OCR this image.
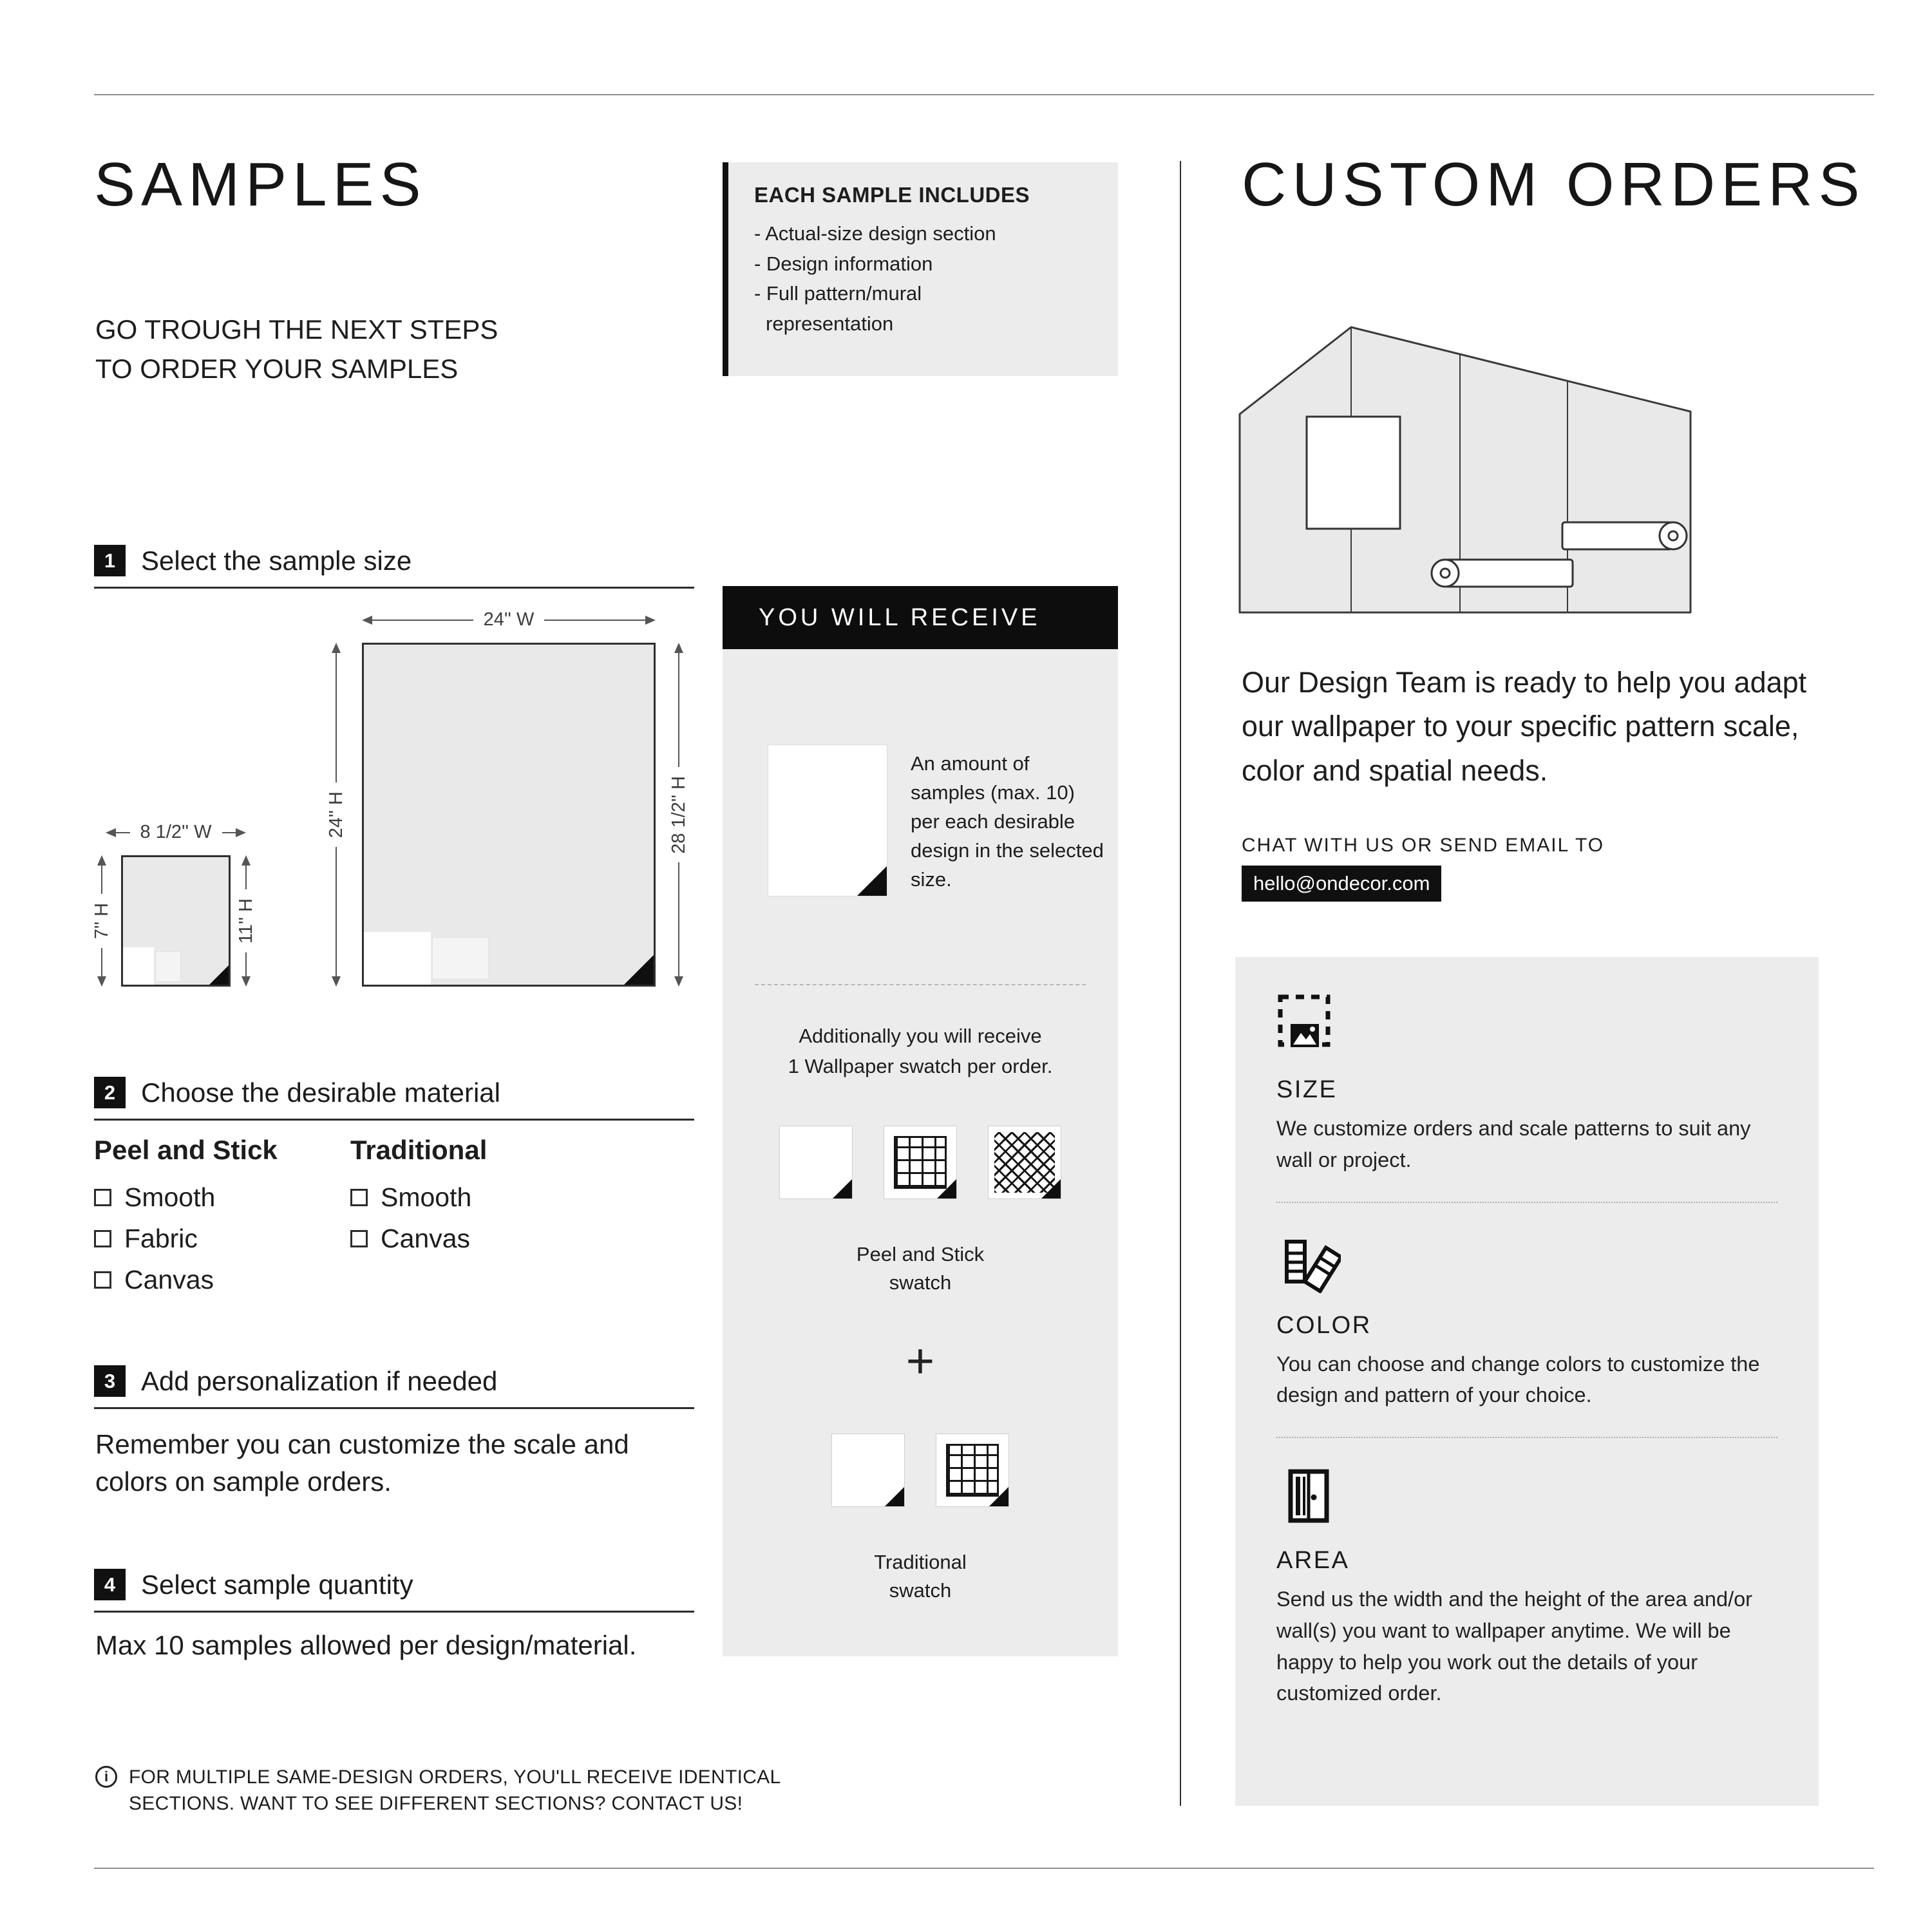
SAMPLES
GO TROUGH THE NEXT STEPS
TO ORDER YOUR SAMPLES
EACH SAMPLE INCLUDES
- Actual-size design section
- Design information
- Full pattern/mural
representation
1 Select the sample size
24'' W
24'' H	28 1/2'' H
8 1/2'' W
7'' H	11'' H
2 Choose the desirable material
Peel and Stick
Smooth
Fabric
Canvas
Traditional
Smooth
Canvas
3 Add personalization if needed
Remember you can customize the scale and colors on sample orders.
4 Select sample quantity
Max 10 samples allowed per design/material.
i	FOR MULTIPLE SAME-DESIGN ORDERS, YOU'LL RECEIVE IDENTICAL
SECTIONS. WANT TO SEE DIFFERENT SECTIONS? CONTACT US!
YOU WILL RECEIVE
An amount of samples (max. 10) per each desirable design in the selected size.
Additionally you will receive
1 Wallpaper swatch per order.
Peel and Stick
swatch
+
Traditional
swatch
CUSTOM ORDERS
Our Design Team is ready to help you adapt our wallpaper to your specific pattern scale, color and spatial needs.
CHAT WITH US OR SEND EMAIL TO
hello@ondecor.com
SIZE
We customize orders and scale patterns to suit any wall or project.
COLOR
You can choose and change colors to customize the design and pattern of your choice.
AREA
Send us the width and the height of the area and/or wall(s) you want to wallpaper anytime. We will be happy to help you work out the details of your customized order.
